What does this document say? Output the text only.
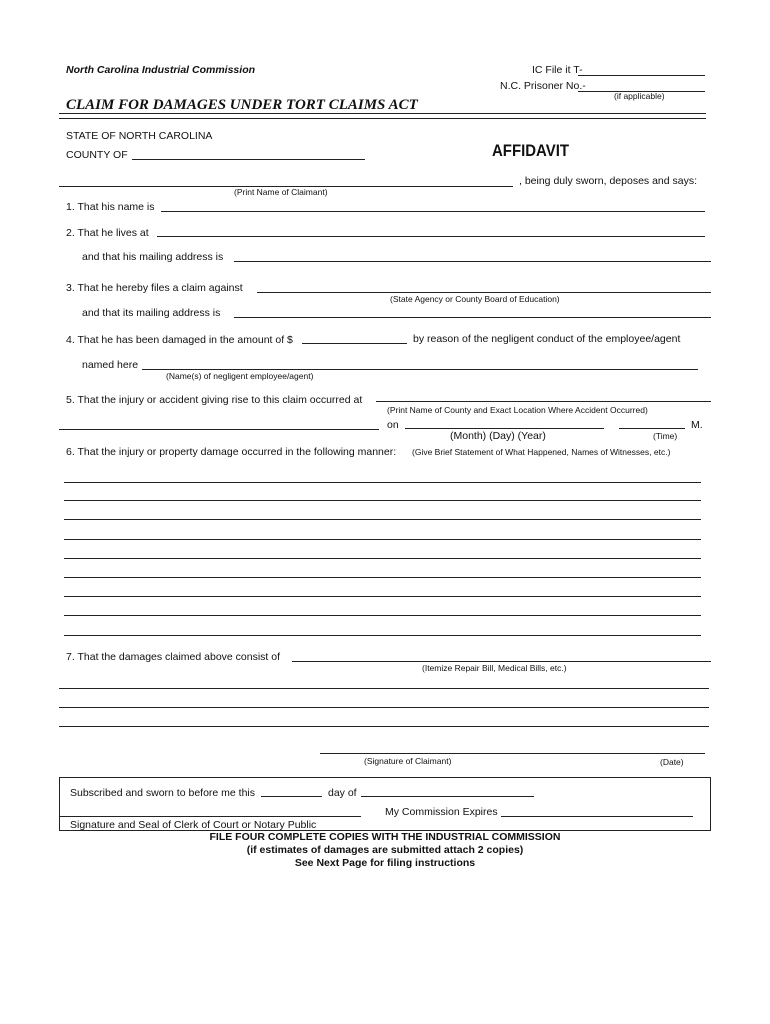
North Carolina Industrial Commission	IC File it T-
N.C. Prisoner No.-
(if applicable)
CLAIM FOR DAMAGES UNDER TORT CLAIMS ACT
STATE OF NORTH CAROLINA
COUNTY OF	AFFIDAVIT
, being duly sworn, deposes and says:
(Print Name of Claimant)
1. That his name is
2. That he lives at
and that his mailing address is
3. That he hereby files a claim against
(State Agency or County Board of Education)
and that its mailing address is
4. That he has been damaged in the amount of $	by reason of the negligent conduct of the employee/agent
named here
(Name(s) of negligent employee/agent)
5. That the injury or accident giving rise to this claim occurred at
(Print Name of County and Exact Location Where Accident Occurred)
on	M.
(Month) (Day) (Year)	(Time)
6. That the injury or property damage occurred in the following manner: (Give Brief Statement of What Happened, Names of Witnesses, etc.)
7. That the damages claimed above consist of
(Itemize Repair Bill, Medical Bills, etc.)
(Signature of Claimant)	(Date)
Subscribed and sworn to before me this	day of
My Commission Expires
Signature and Seal of Clerk of Court or Notary Public
FILE FOUR COMPLETE COPIES WITH THE INDUSTRIAL COMMISSION
(if estimates of damages are submitted attach 2 copies)
See Next Page for filing instructions
